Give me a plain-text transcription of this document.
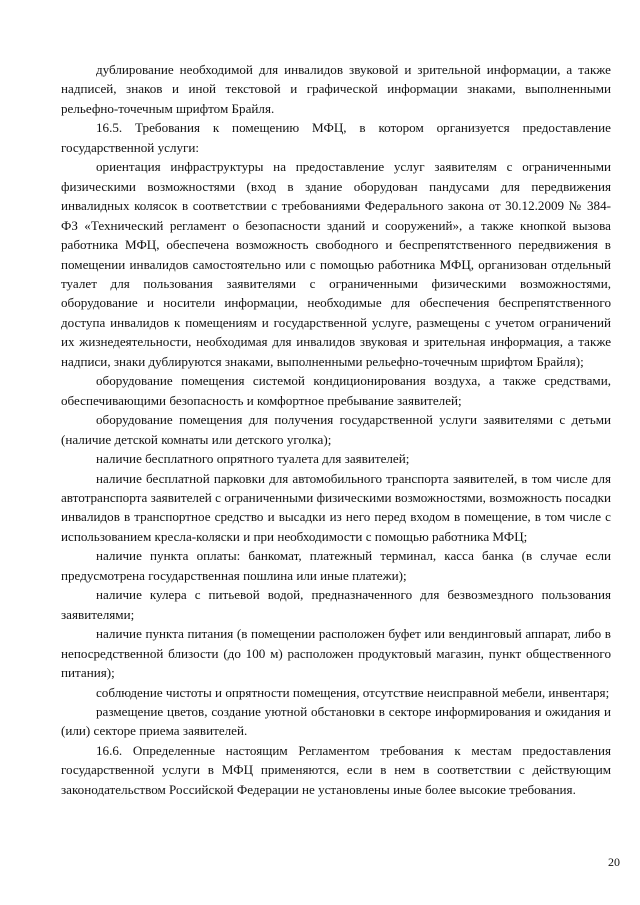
дублирование необходимой для инвалидов звуковой и зрительной информации, а также надписей, знаков и иной текстовой и графической информации знаками, выполненными рельефно-точечным шрифтом Брайля.

16.5. Требования к помещению МФЦ, в котором организуется предоставление государственной услуги:

ориентация инфраструктуры на предоставление услуг заявителям с ограниченными физическими возможностями (вход в здание оборудован пандусами для передвижения инвалидных колясок в соответствии с требованиями Федерального закона от 30.12.2009 № 384-ФЗ «Технический регламент о безопасности зданий и сооружений», а также кнопкой вызова работника МФЦ, обеспечена возможность свободного и беспрепятственного передвижения в помещении инвалидов самостоятельно или с помощью работника МФЦ, организован отдельный туалет для пользования заявителями с ограниченными физическими возможностями, оборудование и носители информации, необходимые для обеспечения беспрепятственного доступа инвалидов к помещениям и государственной услуге, размещены с учетом ограничений их жизнедеятельности, необходимая для инвалидов звуковая и зрительная информация, а также надписи, знаки дублируются знаками, выполненными рельефно-точечным шрифтом Брайля);

оборудование помещения системой кондиционирования воздуха, а также средствами, обеспечивающими безопасность и комфортное пребывание заявителей;

оборудование помещения для получения государственной услуги заявителями с детьми (наличие детской комнаты или детского уголка);

наличие бесплатного опрятного туалета для заявителей;

наличие бесплатной парковки для автомобильного транспорта заявителей, в том числе для автотранспорта заявителей с ограниченными физическими возможностями, возможность посадки инвалидов в транспортное средство и высадки из него перед входом в помещение, в том числе с использованием кресла-коляски и при необходимости с помощью работника МФЦ;

наличие пункта оплаты: банкомат, платежный терминал, касса банка (в случае если предусмотрена государственная пошлина или иные платежи);

наличие кулера с питьевой водой, предназначенного для безвозмездного пользования заявителями;

наличие пункта питания (в помещении расположен буфет или вендинговый аппарат, либо в непосредственной близости (до 100 м) расположен продуктовый магазин, пункт общественного питания);

соблюдение чистоты и опрятности помещения, отсутствие неисправной мебели, инвентаря;

размещение цветов, создание уютной обстановки в секторе информирования и ожидания и (или) секторе приема заявителей.

16.6. Определенные настоящим Регламентом требования к местам предоставления государственной услуги в МФЦ применяются, если в нем в соответствии с действующим законодательством Российской Федерации не установлены иные более высокие требования.

20
